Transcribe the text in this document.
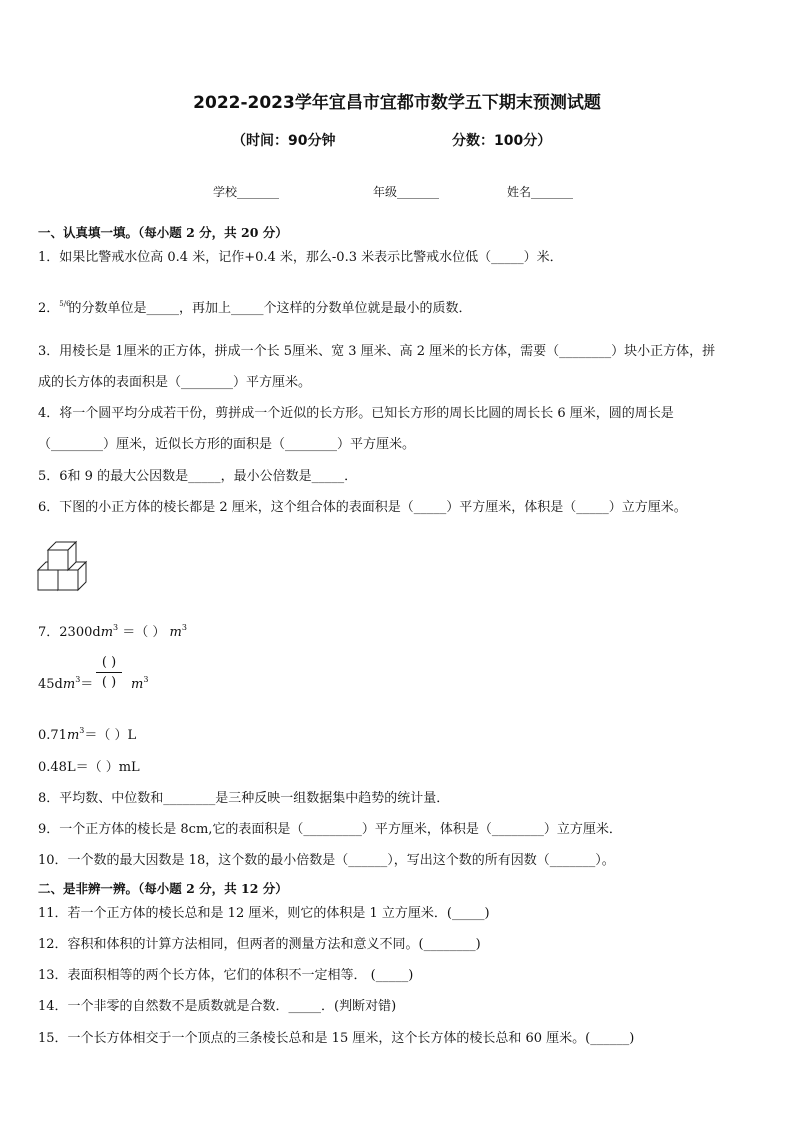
2022-2023学年宜昌市宜都市数学五下期末预测试题
（时间：90分钟	分数：100分）
学校_______	年级_______	姓名_______
一、认真填一填。（每小题 2 分，共 20 分）
1．如果比警戒水位高 0.4 米，记作+0.4 米，那么-0.3 米表示比警戒水位低（_____）米．
2．$^{5/6}$的分数单位是_____，再加上_____个这样的分数单位就是最小的质数．
3．用棱长是 1厘米的正方体，拼成一个长 5厘米、宽 3 厘米、高 2 厘米的长方体，需要（________）块小正方体，拼
成的长方体的表面积是（________）平方厘米。
4．将一个圆平均分成若干份，剪拼成一个近似的长方形。已知长方形的周长比圆的周长长 6 厘米，圆的周长是
（________）厘米，近似长方形的面积是（________）平方厘米。
5．6和 9 的最大公因数是_____，最小公倍数是_____．
6．下图的小正方体的棱长都是 2 厘米，这个组合体的表面积是（_____）平方厘米，体积是（_____）立方厘米。
7．$2300dm^3$ ＝（ ） $m^3$
$45dm^3=$
( )
( )	$m^3$
$0.71m^3=$（ ）L
0.48L＝（ ）mL
8．平均数、中位数和________是三种反映一组数据集中趋势的统计量．
9．一个正方体的棱长是 8cm,它的表面积是（_________）平方厘米，体积是（________）立方厘米．
10．一个数的最大因数是 18，这个数的最小倍数是（______），写出这个数的所有因数（_______）。
二、是非辨一辨。（每小题 2 分，共 12 分）
11．若一个正方体的棱长总和是 12 厘米，则它的体积是 1 立方厘米．(_____)
12．容积和体积的计算方法相同，但两者的测量方法和意义不同。(________)
13．表面积相等的两个长方体，它们的体积不一定相等． (_____)
14．一个非零的自然数不是质数就是合数．_____．(判断对错)
15．一个长方体相交于一个顶点的三条棱长总和是 15 厘米，这个长方体的棱长总和 60 厘米。(______)
